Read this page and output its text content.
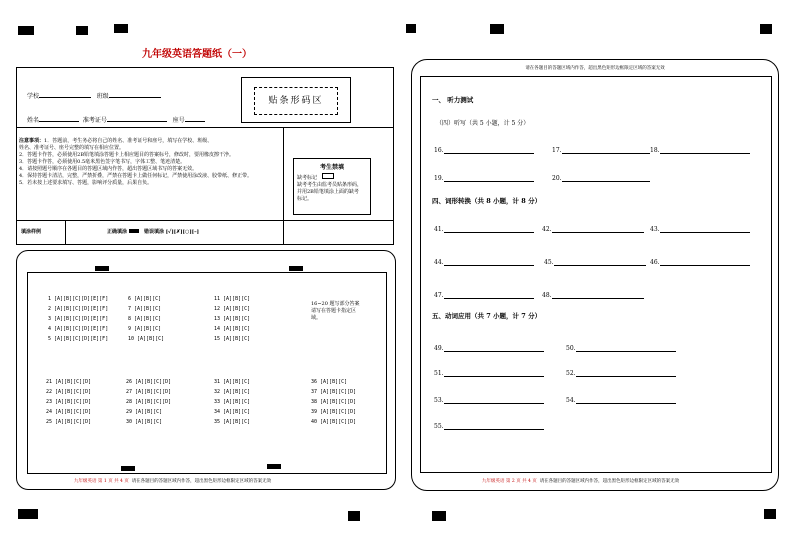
九年级英语答题纸（一）
学校	班级
姓名	准考证号	座号
贴条形码区
注意事项：1．答题前，考生务必将自己的姓名、准考证号和座号，填写在学校、班级、
姓名、准考证号、座号完整的填写在相应位置。
2．答题卡作答，必须使用2B铅笔填涂答题卡上相应题目的答案标号，修改时，要用橡皮擦干净。
3．答题卡作答，必须使用0.5毫米黑色签字笔书写，字体工整、笔迹清楚。
4．请按照题号顺序在各题目的答题区域内作答，超出答题区域书写的答案无效。
4．保持答题卡清洁，完整，严禁折叠，严禁在答题卡上做任何标记，严禁使用涂改液、胶带纸、修正带。
5．若未按上述要求填写、答题，影响评分质量，后果自负。
考生禁填
缺考标记
缺考考生由监考员贴条形码，
并用2B铅笔填涂上面的缺考
标记。
填涂样例	正确填涂	错误填涂 [✓][✗][○][–]

1 [A][B][C][D][E][F]
2 [A][B][C][D][E][F]
3 [A][B][C][D][E][F]
4 [A][B][C][D][E][F]
5 [A][B][C][D][E][F]

6 [A][B][C]
7 [A][B][C]
8 [A][B][C]
9 [A][B][C]
10 [A][B][C]

11 [A][B][C]
12 [A][B][C]
13 [A][B][C]
14 [A][B][C]
15 [A][B][C]
16~20 题写部分答案
请写在答题卡指定区
域。

21 [A][B][C][D]
22 [A][B][C][D]
23 [A][B][C][D]
24 [A][B][C][D]
25 [A][B][C][D]

26 [A][B][C][D]
27 [A][B][C][D]
28 [A][B][C][D]
29 [A][B][C]
30 [A][B][C]

31 [A][B][C]
32 [A][B][C]
33 [A][B][C]
34 [A][B][C]
35 [A][B][C]

36 [A][B][C]
37 [A][B][C][D]
38 [A][B][C][D]
39 [A][B][C][D]
40 [A][B][C][D]
九年级英语 第 1 页 共 4 页 请在各题目的答题区域内作答，超出黑色矩形边框限定区域的答案无效
请在各题目的答题区域内作答，超出黑色矩形边框限定区域的答案无效
一、 听力测试
（四）听写（共 5 小题，计 5 分）
16.	17.	18.
19.	20.
四、词形转换（共 8 小题，计 8 分）
41.	42.	43.
44.	45.	46.
47.	48.
五、动词应用（共 7 小题，计 7 分）
49.	50.
51.	52.
53.	54.
55.
九年级英语 第 2 页 共 4 页 请在各题目的答题区域内作答，超出黑色矩形边框限定区域的答案无效
